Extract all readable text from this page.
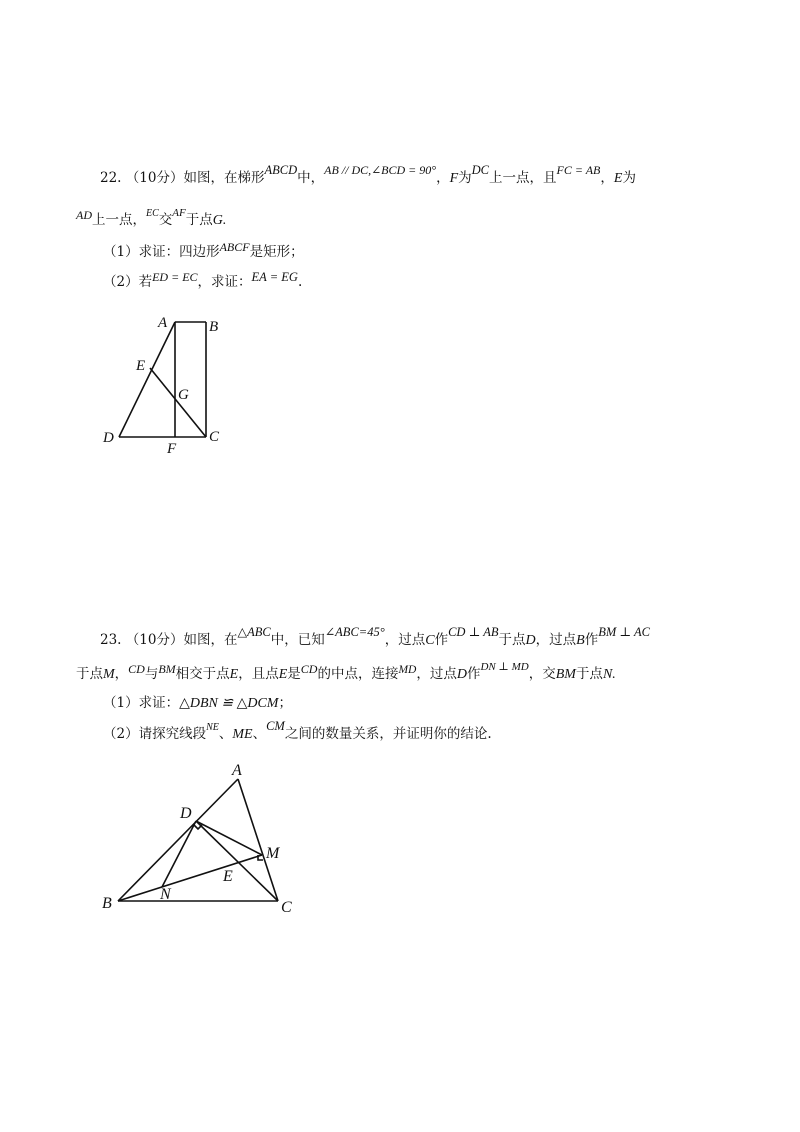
22. （10分）如图，在梯形ABCD中，AB // DC,∠BCD = 90°，F为DC上一点，且FC = AB，E为
AD上一点，$^{EC}$交$^{AF}$于点G.
（1）求证：四边形ABCF是矩形；
（2）若ED = EC，求证：EA = EG.
A	B
E
G
D
F
C
23. （10分）如图，在△ABC中，已知∠ABC=45°，过点C作CD ⊥ AB于点D，过点B作BM ⊥ AC
于点M，CD与BM相交于点E，且点E是CD的中点，连接MD，过点D作$^{DN \perp MD}$，交BM于点N.
（1）求证：△DBN ≌ △DCM；
（2）请探究线段$^{NE}$、ME、CM之间的数量关系，并证明你的结论.
A
D
M
E
N
B	C
